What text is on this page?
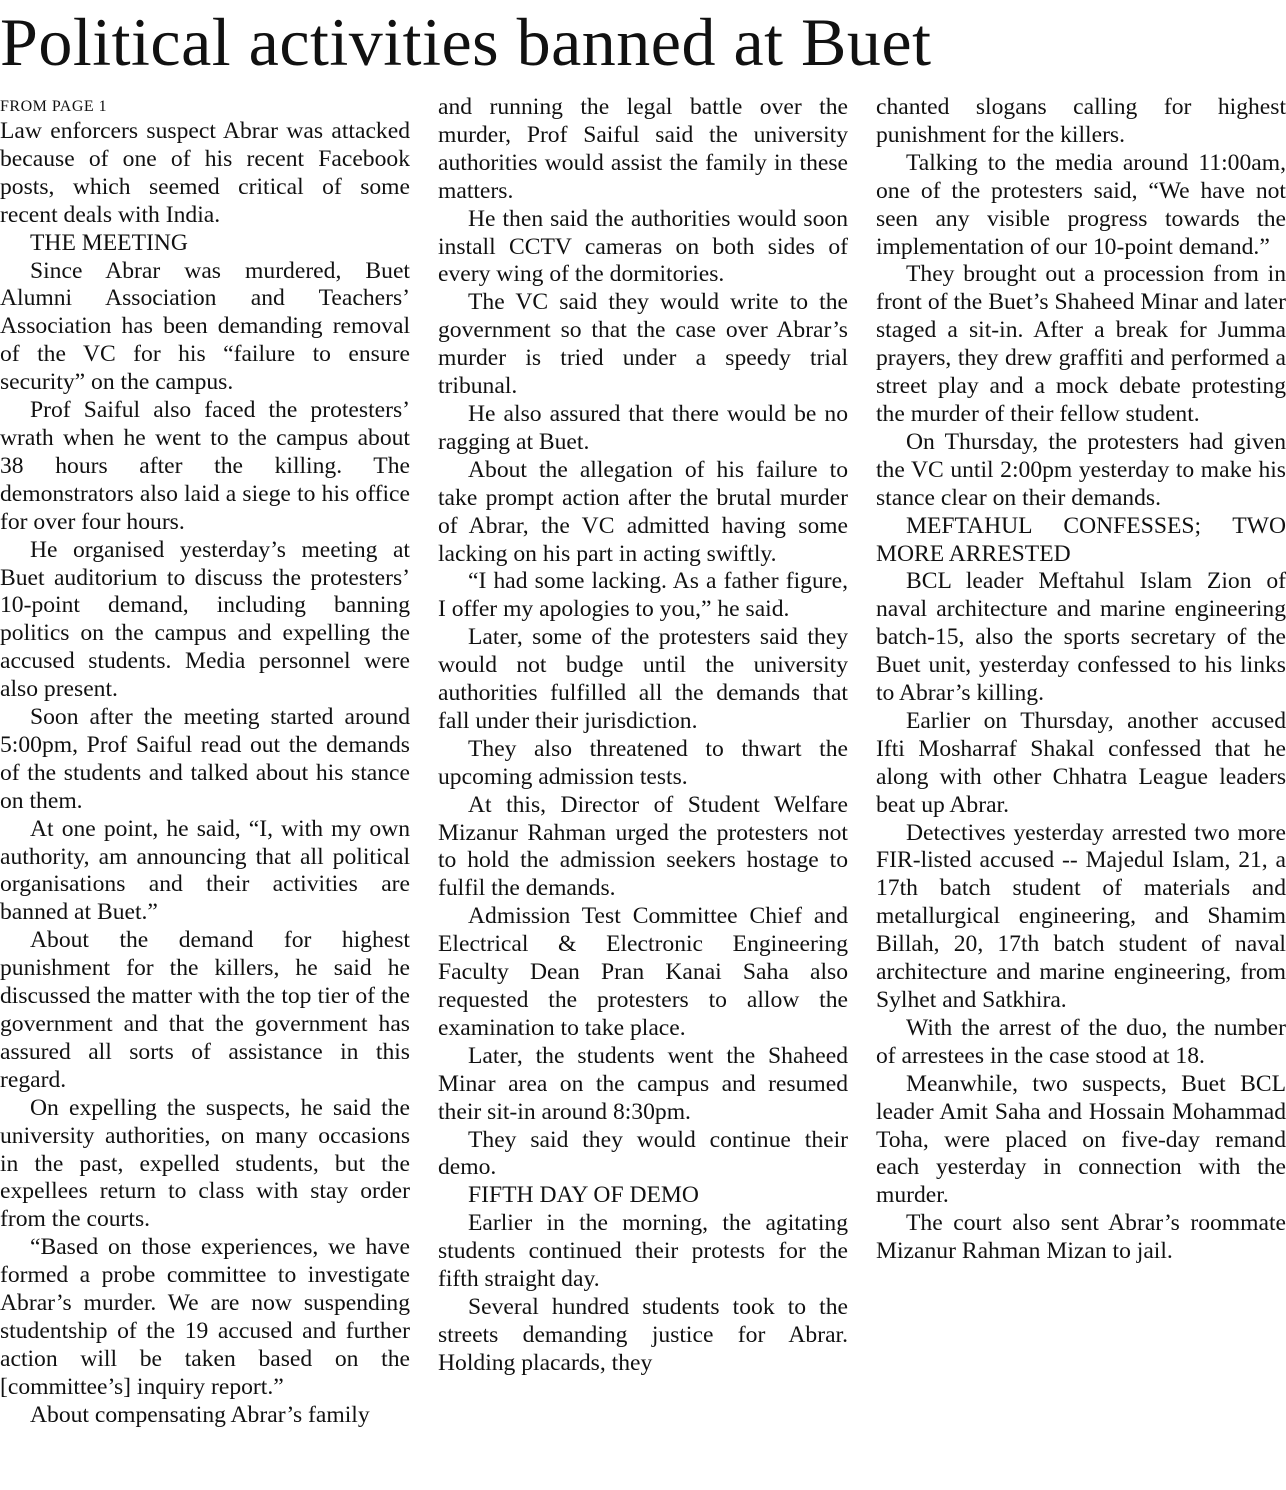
Political activities banned at Buet
FROM PAGE 1

Law enforcers suspect Abrar was attacked because of one of his recent Facebook posts, which seemed critical of some recent deals with India.

THE MEETING

Since Abrar was murdered, Buet Alumni Association and Teachers’ Association has been demanding removal of the VC for his “failure to ensure security” on the campus.

Prof Saiful also faced the protesters’ wrath when he went to the campus about 38 hours after the killing. The demonstrators also laid a siege to his office for over four hours.

He organised yesterday’s meeting at Buet auditorium to discuss the protesters’ 10-point demand, including banning politics on the campus and expelling the accused students. Media personnel were also present.

Soon after the meeting started around 5:00pm, Prof Saiful read out the demands of the students and talked about his stance on them.

At one point, he said, “I, with my own authority, am announcing that all political organisations and their activities are banned at Buet.”

About the demand for highest punishment for the killers, he said he discussed the matter with the top tier of the government and that the government has assured all sorts of assistance in this regard.

On expelling the suspects, he said the university authorities, on many occasions in the past, expelled students, but the expellees return to class with stay order from the courts.

“Based on those experiences, we have formed a probe committee to investigate Abrar’s murder. We are now suspending studentship of the 19 accused and further action will be taken based on the [committee’s] inquiry report.”

About compensating Abrar’s family

and running the legal battle over the murder, Prof Saiful said the university authorities would assist the family in these matters.

He then said the authorities would soon install CCTV cameras on both sides of every wing of the dormitories.

The VC said they would write to the government so that the case over Abrar’s murder is tried under a speedy trial tribunal.

He also assured that there would be no ragging at Buet.

About the allegation of his failure to take prompt action after the brutal murder of Abrar, the VC admitted having some lacking on his part in acting swiftly.

“I had some lacking. As a father figure, I offer my apologies to you,” he said.

Later, some of the protesters said they would not budge until the university authorities fulfilled all the demands that fall under their jurisdiction.

They also threatened to thwart the upcoming admission tests.

At this, Director of Student Welfare Mizanur Rahman urged the protesters not to hold the admission seekers hostage to fulfil the demands.

Admission Test Committee Chief and Electrical & Electronic Engineering Faculty Dean Pran Kanai Saha also requested the protesters to allow the examination to take place.

Later, the students went the Shaheed Minar area on the campus and resumed their sit-in around 8:30pm.

They said they would continue their demo.

FIFTH DAY OF DEMO

Earlier in the morning, the agitating students continued their protests for the fifth straight day.

Several hundred students took to the streets demanding justice for Abrar. Holding placards, they

chanted slogans calling for highest punishment for the killers.

Talking to the media around 11:00am, one of the protesters said, “We have not seen any visible progress towards the implementation of our 10-point demand.”

They brought out a procession from in front of the Buet’s Shaheed Minar and later staged a sit-in. After a break for Jumma prayers, they drew graffiti and performed a street play and a mock debate protesting the murder of their fellow student.

On Thursday, the protesters had given the VC until 2:00pm yesterday to make his stance clear on their demands.

MEFTAHUL CONFESSES; TWO MORE ARRESTED

BCL leader Meftahul Islam Zion of naval architecture and marine engineering batch-15, also the sports secretary of the Buet unit, yesterday confessed to his links to Abrar’s killing.

Earlier on Thursday, another accused Ifti Mosharraf Shakal confessed that he along with other Chhatra League leaders beat up Abrar.

Detectives yesterday arrested two more FIR-listed accused -- Majedul Islam, 21, a 17th batch student of materials and metallurgical engineering, and Shamim Billah, 20, 17th batch student of naval architecture and marine engineering, from Sylhet and Satkhira.

With the arrest of the duo, the number of arrestees in the case stood at 18.

Meanwhile, two suspects, Buet BCL leader Amit Saha and Hossain Mohammad Toha, were placed on five-day remand each yesterday in connection with the murder.

The court also sent Abrar’s roommate Mizanur Rahman Mizan to jail.
